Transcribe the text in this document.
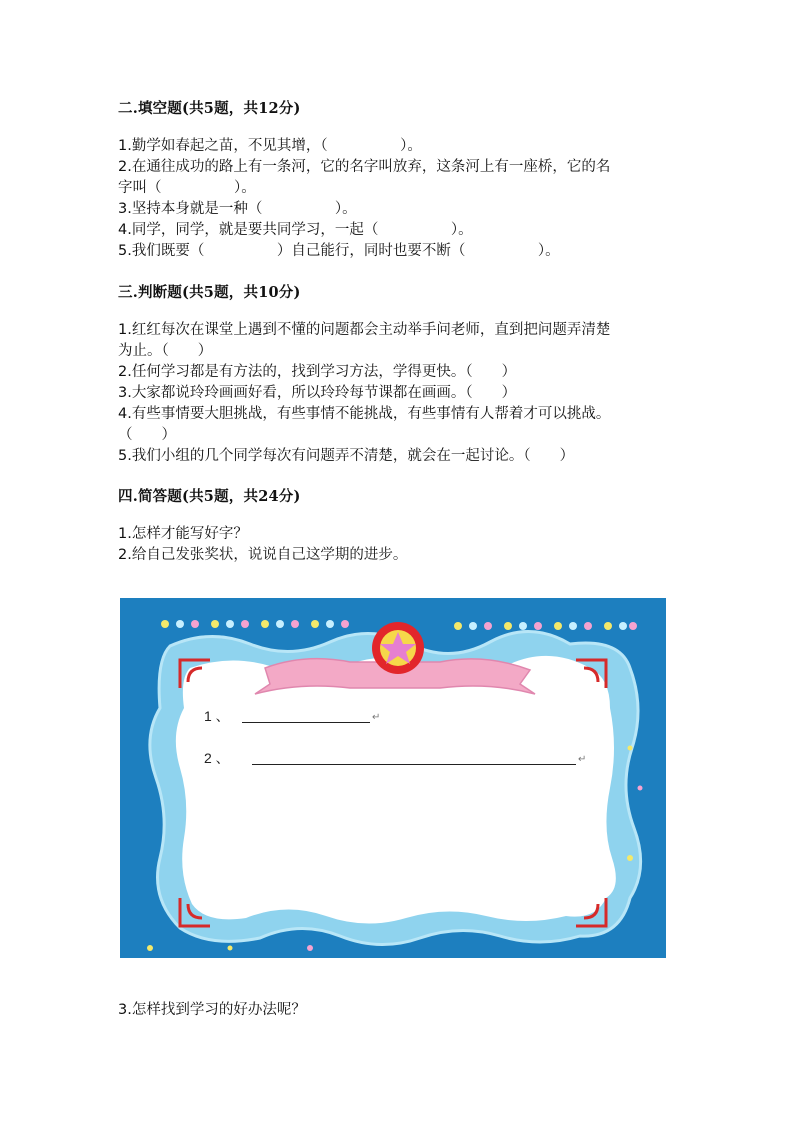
二.填空题(共5题，共12分)
1.勤学如春起之苗，不见其增，（　　　　　）。
2.在通往成功的路上有一条河，它的名字叫放弃，这条河上有一座桥，它的名
字叫（　　　　　）。
3.坚持本身就是一种（　　　　　）。
4.同学，同学，就是要共同学习，一起（　　　　　）。
5.我们既要（　　　　　）自己能行，同时也要不断（　　　　　）。
三.判断题(共5题，共10分)
1.红红每次在课堂上遇到不懂的问题都会主动举手问老师，直到把问题弄清楚
为止。（　　）
2.任何学习都是有方法的，找到学习方法，学得更快。（　　）
3.大家都说玲玲画画好看，所以玲玲每节课都在画画。（　　）
4.有些事情要大胆挑战，有些事情不能挑战，有些事情有人帮着才可以挑战。
（　　）
5.我们小组的几个同学每次有问题弄不清楚，就会在一起讨论。（　　）
四.简答题(共5题，共24分)
1.怎样才能写好字？
2.给自己发张奖状，说说自己这学期的进步。
1 、	↵
2 、	↵
3.怎样找到学习的好办法呢？
